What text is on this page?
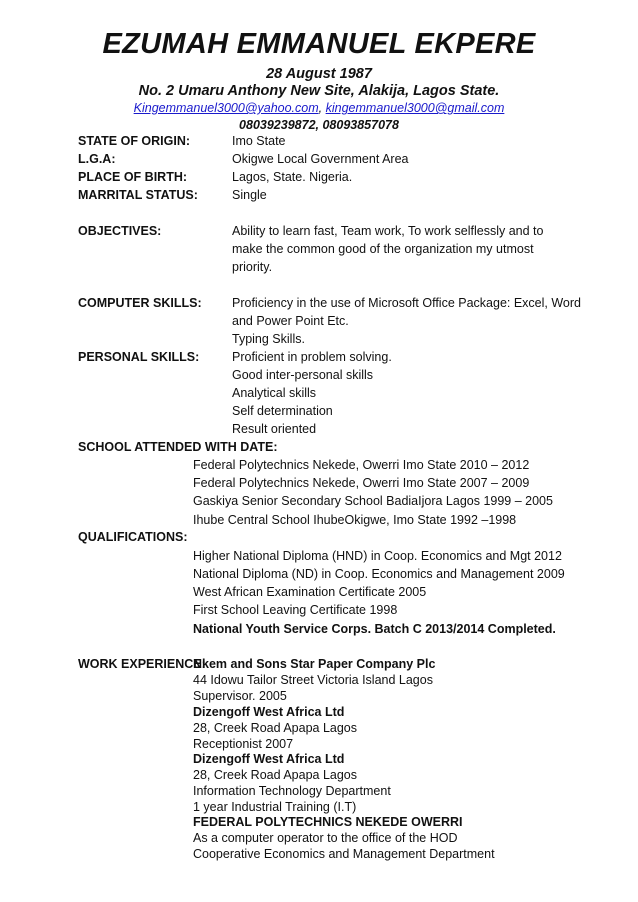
EZUMAH EMMANUEL EKPERE
28 August 1987
No. 2 Umaru Anthony New Site, Alakija, Lagos State.
Kingemmanuel3000@yahoo.com, kingemmanuel3000@gmail.com
08039239872, 08093857078
STATE OF ORIGIN:	Imo State
L.G.A:	Okigwe Local Government Area
PLACE OF BIRTH:	Lagos, State. Nigeria.
MARRITAL STATUS:	Single
OBJECTIVES:	Ability to learn fast, Team work, To work selflessly and to
make the common good of the organization my utmost
priority.
COMPUTER SKILLS: Proficiency in the use of Microsoft Office Package: Excel, Word
and Power Point Etc.
Typing Skills.
PERSONAL SKILLS:	Proficient in problem solving.
Good inter-personal skills
Analytical skills
Self determination
Result oriented
SCHOOL ATTENDED WITH DATE:
Federal Polytechnics Nekede, Owerri Imo State 2010 – 2012
Federal Polytechnics Nekede, Owerri Imo State 2007 – 2009
Gaskiya Senior Secondary School BadiaIjora Lagos 1999 – 2005
Ihube Central School IhubeOkigwe, Imo State 1992 –1998
QUALIFICATIONS:
Higher National Diploma (HND) in Coop. Economics and Mgt 2012
National Diploma (ND) in Coop. Economics and Management 2009
West African Examination Certificate 2005
First School Leaving Certificate 1998
National Youth Service Corps. Batch C 2013/2014 Completed.
WORK EXPERIENCE:
Nkem and Sons Star Paper Company Plc
44 Idowu Tailor Street Victoria Island Lagos
Supervisor. 2005
Dizengoff West Africa Ltd
28, Creek Road Apapa Lagos
Receptionist 2007
Dizengoff West Africa Ltd
28, Creek Road Apapa Lagos
Information Technology Department
1 year Industrial Training (I.T)
FEDERAL POLYTECHNICS NEKEDE OWERRI
As a computer operator to the office of the HOD
Cooperative Economics and Management Department
